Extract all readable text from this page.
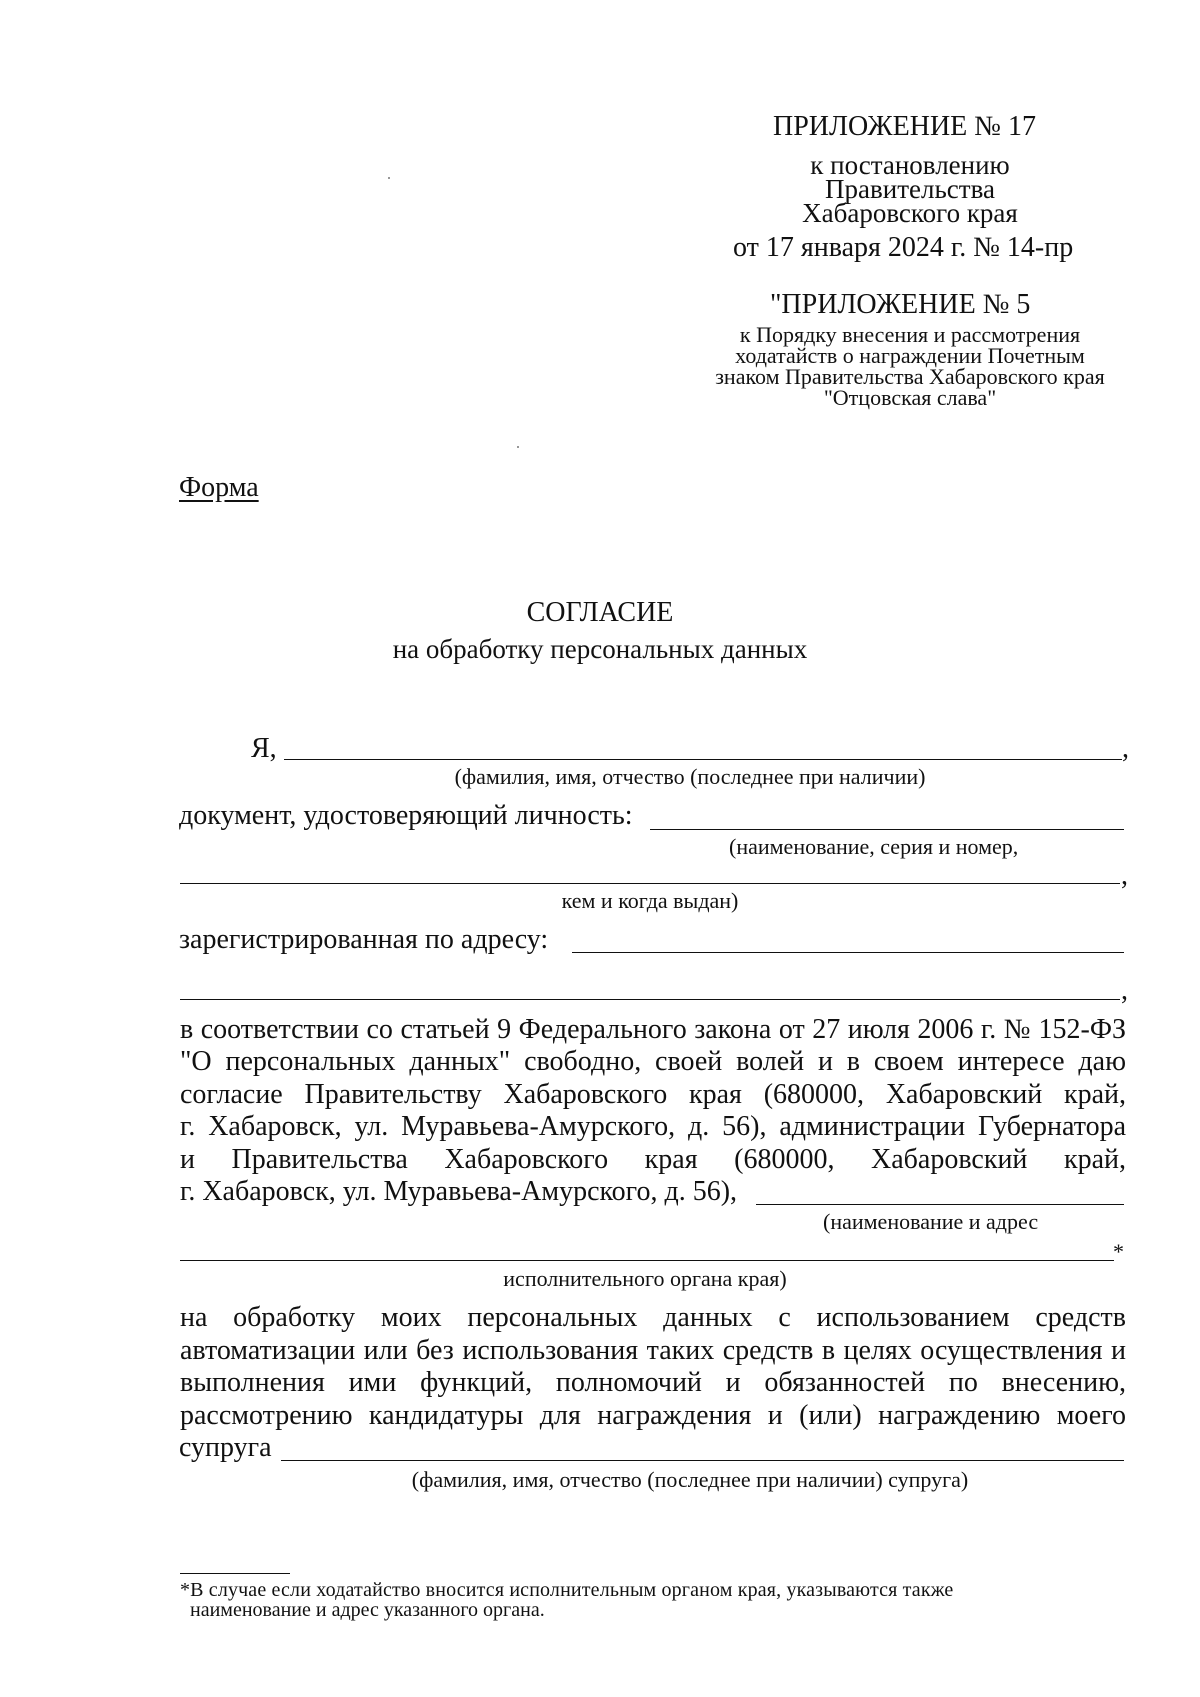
ПРИЛОЖЕНИЕ № 17
к постановлению
Правительства
Хабаровского края
от 17 января 2024 г. № 14-пр
"ПРИЛОЖЕНИЕ № 5
к Порядку внесения и рассмотрения
ходатайств о награждении Почетным
знаком Правительства Хабаровского края
"Отцовская слава"
Форма
СОГЛАСИЕ
на обработку персональных данных
Я,	,
(фамилия, имя, отчество (последнее при наличии)
документ, удостоверяющий личность:
(наименование, серия и номер,
,
кем и когда выдан)
зарегистрированная по адресу:
,
в соответствии со статьей 9 Федерального закона от 27 июля 2006 г. № 152-ФЗ
"О персональных данных" свободно, своей волей и в своем интересе даю
согласие Правительству Хабаровского края (680000, Хабаровский край,
г. Хабаровск, ул. Муравьева-Амурского, д. 56), администрации Губернатора
и Правительства Хабаровского края (680000, Хабаровский край,
г. Хабаровск, ул. Муравьева-Амурского, д. 56),
(наименование и адрес
*
исполнительного органа края)
на обработку моих персональных данных с использованием средств
автоматизации или без использования таких средств в целях осуществления и
выполнения ими функций, полномочий и обязанностей по внесению,
рассмотрению кандидатуры для награждения и (или) награждению моего
супруга
(фамилия, имя, отчество (последнее при наличии) супруга)
*В случае если ходатайство вносится исполнительным органом края, указываются также
наименование и адрес указанного органа.
